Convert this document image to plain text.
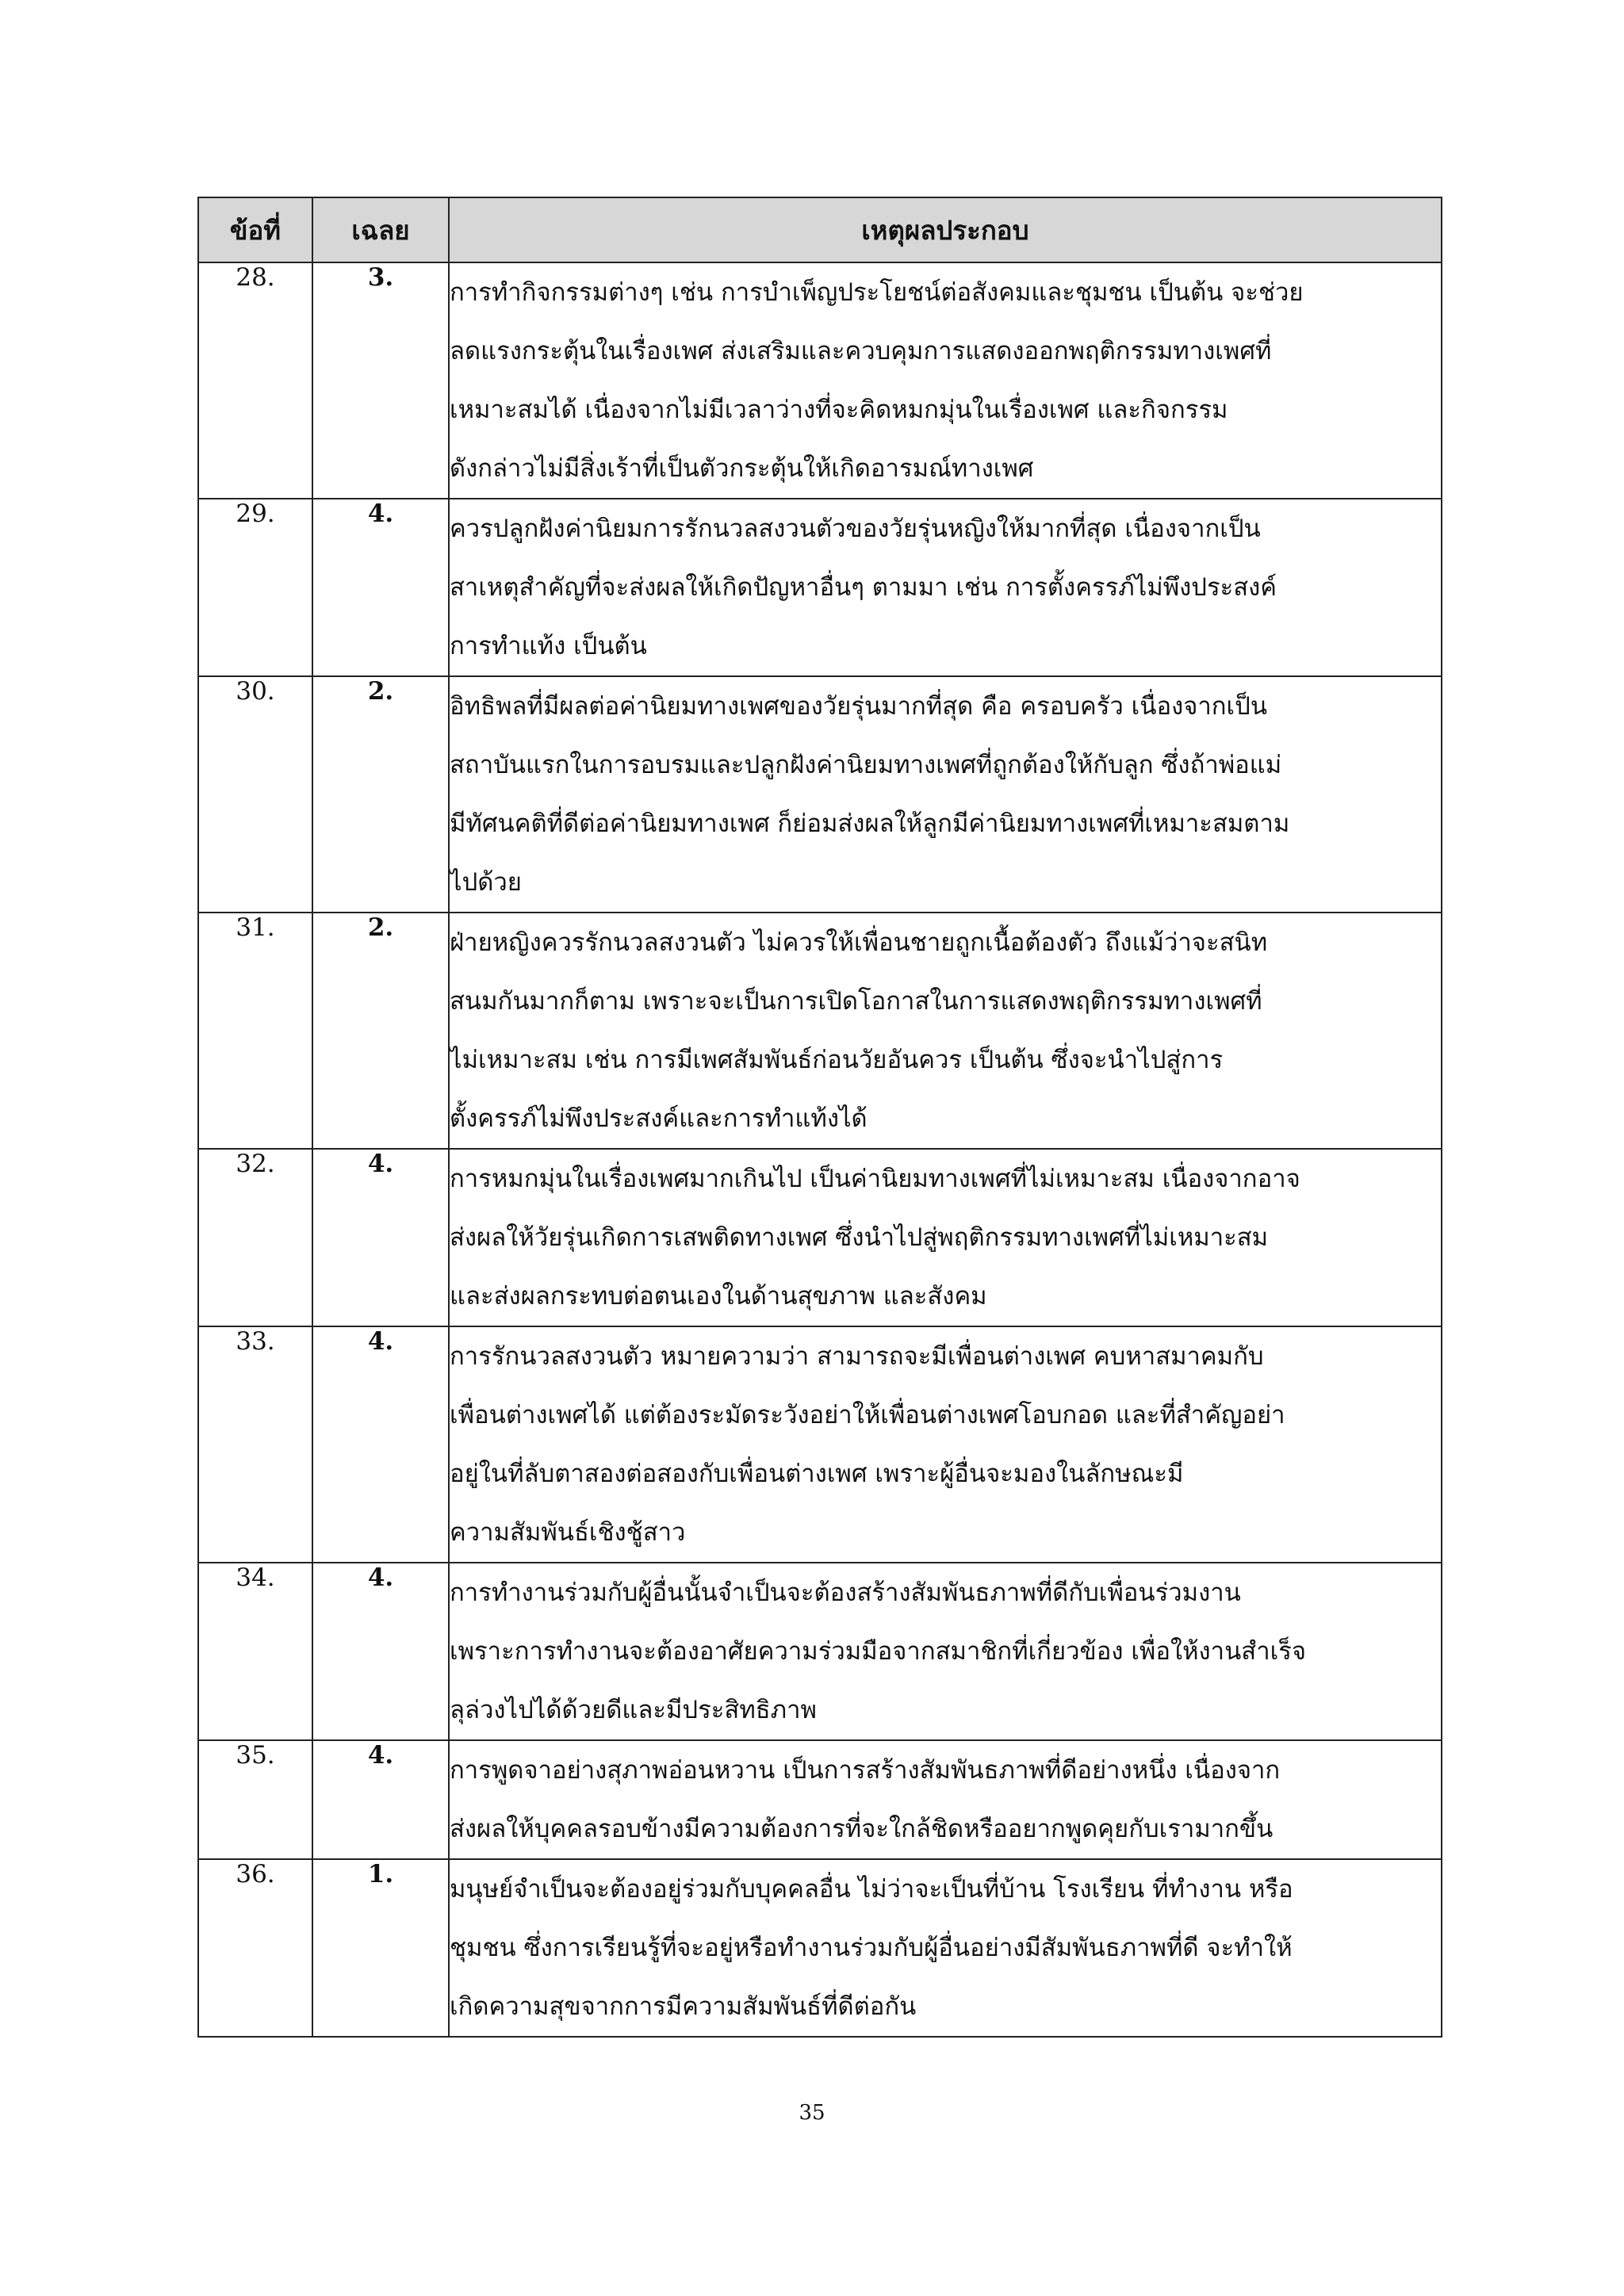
ข้อที่	เฉลย	เหตุผลประกอบ
28.	3.	การทำกิจกรรมต่างๆ เช่น การบำเพ็ญประโยชน์ต่อสังคมและชุมชน เป็นต้น จะช่วย
ลดแรงกระตุ้นในเรื่องเพศ ส่งเสริมและควบคุมการแสดงออกพฤติกรรมทางเพศที่
เหมาะสมได้ เนื่องจากไม่มีเวลาว่างที่จะคิดหมกมุ่นในเรื่องเพศ และกิจกรรม
ดังกล่าวไม่มีสิ่งเร้าที่เป็นตัวกระตุ้นให้เกิดอารมณ์ทางเพศ

29.	4.	ควรปลูกฝังค่านิยมการรักนวลสงวนตัวของวัยรุ่นหญิงให้มากที่สุด เนื่องจากเป็น
สาเหตุสำคัญที่จะส่งผลให้เกิดปัญหาอื่นๆ ตามมา เช่น การตั้งครรภ์ไม่พึงประสงค์
การทำแท้ง เป็นต้น

30.	2.	อิทธิพลที่มีผลต่อค่านิยมทางเพศของวัยรุ่นมากที่สุด คือ ครอบครัว เนื่องจากเป็น
สถาบันแรกในการอบรมและปลูกฝังค่านิยมทางเพศที่ถูกต้องให้กับลูก ซึ่งถ้าพ่อแม่
มีทัศนคติที่ดีต่อค่านิยมทางเพศ ก็ย่อมส่งผลให้ลูกมีค่านิยมทางเพศที่เหมาะสมตาม
ไปด้วย

31.	2.	ฝ่ายหญิงควรรักนวลสงวนตัว ไม่ควรให้เพื่อนชายถูกเนื้อต้องตัว ถึงแม้ว่าจะสนิท
สนมกันมากก็ตาม เพราะจะเป็นการเปิดโอกาสในการแสดงพฤติกรรมทางเพศที่
ไม่เหมาะสม เช่น การมีเพศสัมพันธ์ก่อนวัยอันควร เป็นต้น ซึ่งจะนำไปสู่การ
ตั้งครรภ์ไม่พึงประสงค์และการทำแท้งได้

32.	4.	การหมกมุ่นในเรื่องเพศมากเกินไป เป็นค่านิยมทางเพศที่ไม่เหมาะสม เนื่องจากอาจ
ส่งผลให้วัยรุ่นเกิดการเสพติดทางเพศ ซึ่งนำไปสู่พฤติกรรมทางเพศที่ไม่เหมาะสม
และส่งผลกระทบต่อตนเองในด้านสุขภาพ และสังคม

33.	4.	การรักนวลสงวนตัว หมายความว่า สามารถจะมีเพื่อนต่างเพศ คบหาสมาคมกับ
เพื่อนต่างเพศได้ แต่ต้องระมัดระวังอย่าให้เพื่อนต่างเพศโอบกอด และที่สำคัญอย่า
อยู่ในที่ลับตาสองต่อสองกับเพื่อนต่างเพศ เพราะผู้อื่นจะมองในลักษณะมี
ความสัมพันธ์เชิงชู้สาว

34.	4.	การทำงานร่วมกับผู้อื่นนั้นจำเป็นจะต้องสร้างสัมพันธภาพที่ดีกับเพื่อนร่วมงาน
เพราะการทำงานจะต้องอาศัยความร่วมมือจากสมาชิกที่เกี่ยวข้อง เพื่อให้งานสำเร็จ
ลุล่วงไปได้ด้วยดีและมีประสิทธิภาพ

35.	4.	การพูดจาอย่างสุภาพอ่อนหวาน เป็นการสร้างสัมพันธภาพที่ดีอย่างหนึ่ง เนื่องจาก
ส่งผลให้บุคคลรอบข้างมีความต้องการที่จะใกล้ชิดหรืออยากพูดคุยกับเรามากขึ้น

36.	1.	มนุษย์จำเป็นจะต้องอยู่ร่วมกับบุคคลอื่น ไม่ว่าจะเป็นที่บ้าน โรงเรียน ที่ทำงาน หรือ
ชุมชน ซึ่งการเรียนรู้ที่จะอยู่หรือทำงานร่วมกับผู้อื่นอย่างมีสัมพันธภาพที่ดี จะทำให้
เกิดความสุขจากการมีความสัมพันธ์ที่ดีต่อกัน
35
